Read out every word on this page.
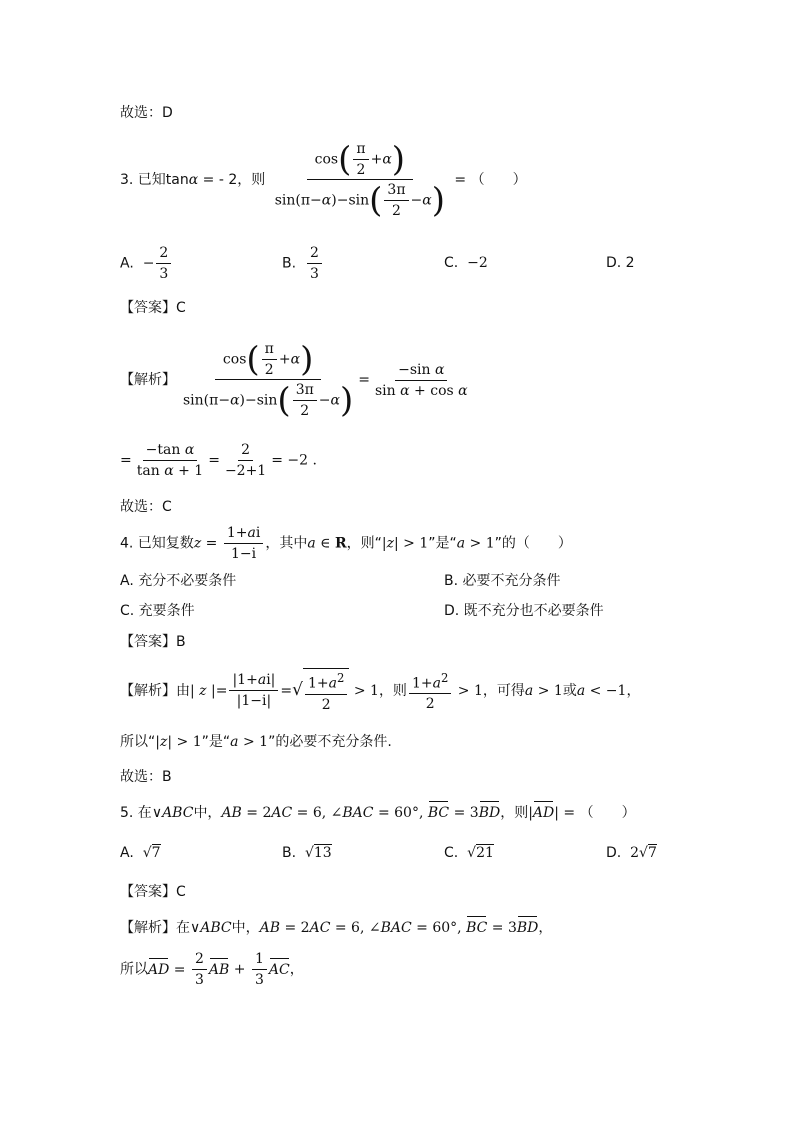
故选：D
3. 已知tanα = - 2，则 $\frac{\cos( \frac{\pi}{2} +\alpha)}{\sin(\pi-\alpha)-\sin( \frac{3\pi}{2} -\alpha)}$ = （　　）
A. − $\frac{2}{3}$	B. $\frac{2}{3}$	C. −2	D. 2
【答案】C
【解析】 $\frac{\cos( \frac{\pi}{2} +\alpha)}{\sin(\pi-\alpha)-\sin( \frac{3\pi}{2} -\alpha)} = \frac{\text{−sin α}}{\text{sin α + cos α}}$
= $\frac{\text{−tan α}}{\text{tan α + 1}} = \frac{2}{-2+1} = -2$ .
故选：C
4. 已知复数$z = \frac{1+ai}{1-i}$ ，其中a ∈ R，则“|z| > 1”是“a > 1”的（　　）
A. 充分不必要条件	B. 必要不充分条件
C. 充要条件	D. 既不充分也不必要条件
【答案】B
【解析】由| z |= $\frac{|1+ai|}{|1-i|}$ =√ $\frac{1+a^2}{2} > 1$，则 $\frac{1+a^2}{2} > 1$，可得a > 1或a < −1，
所以“|z| > 1”是“a > 1”的必要不充分条件.
故选：B
5. 在∨ABC中，AB = 2AC = 6, ∠BAC = 60°, BC = 3BD，则|AD| = （　　）
A. √7	B. √13	C. √21	D. 2√7
【答案】C
【解析】在∨ABC中，AB = 2AC = 6, ∠BAC = 60°, BC = 3BD，
所以AD = $\frac{2}{3}$ AB + $\frac{1}{3}$ AC，
